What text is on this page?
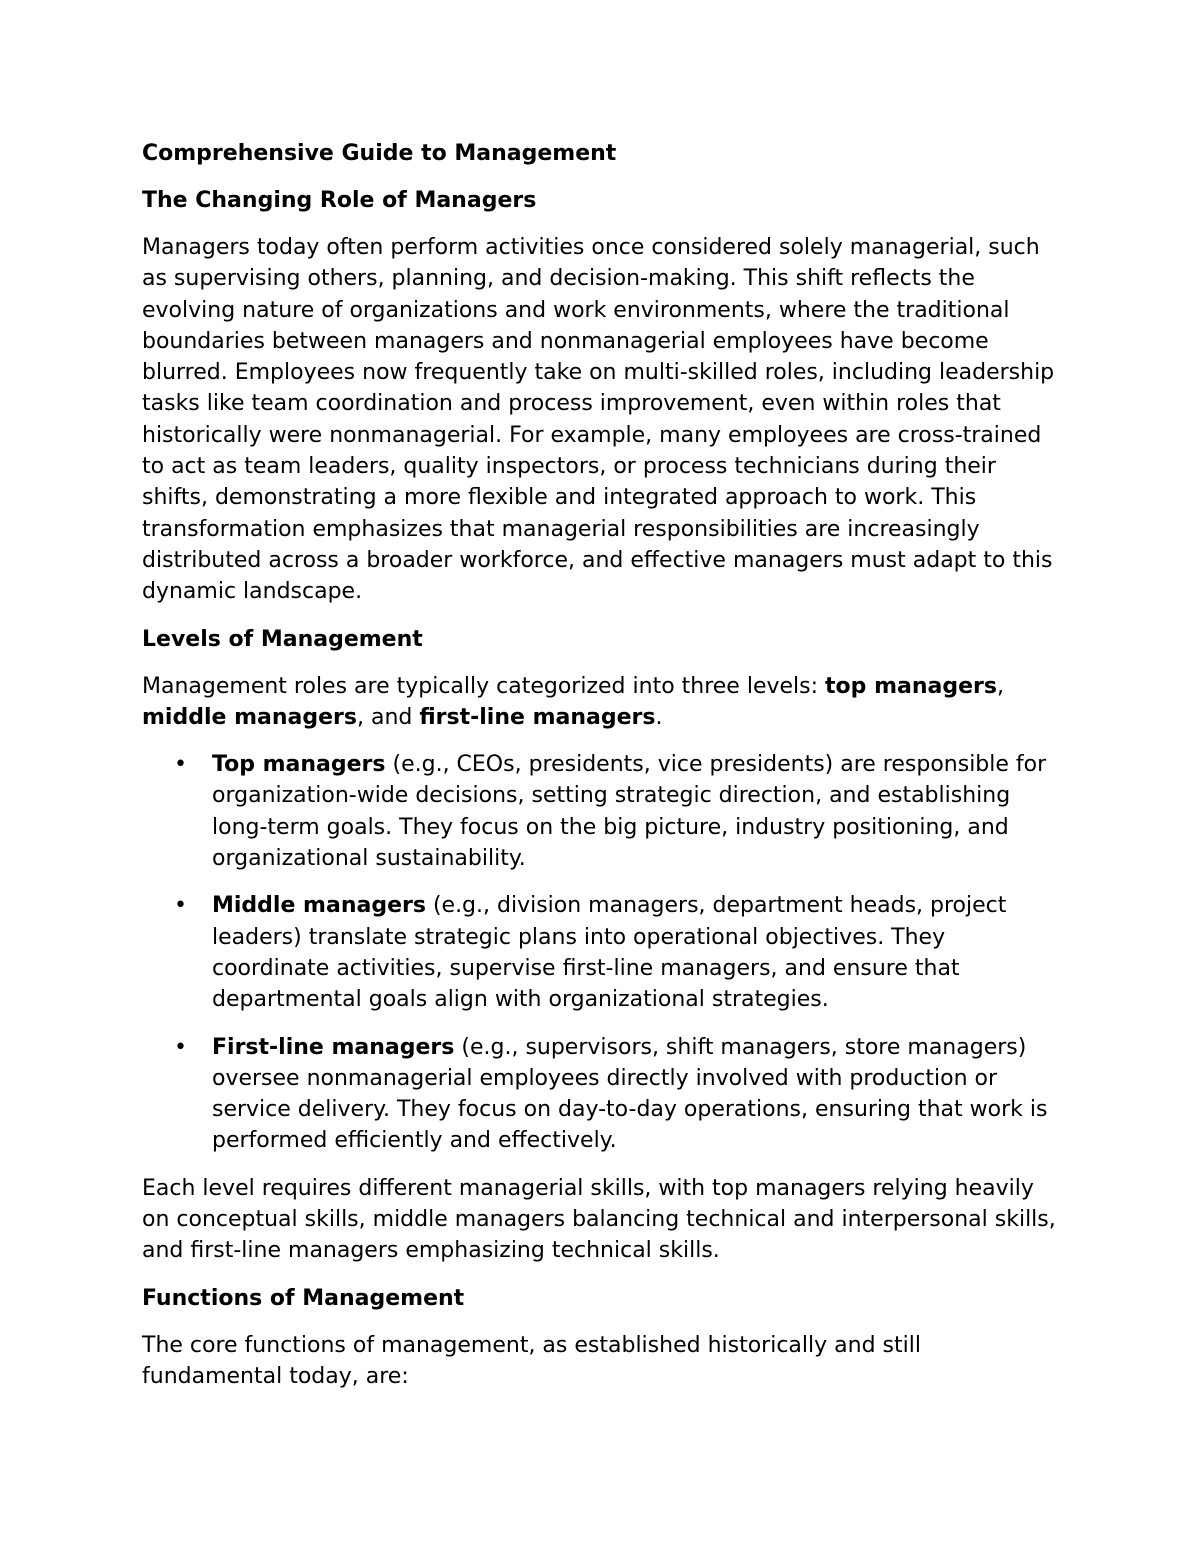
Comprehensive Guide to Management
The Changing Role of Managers

Managers today often perform activities once considered solely managerial, such as supervising others, planning, and decision-making. This shift reflects the evolving nature of organizations and work environments, where the traditional boundaries between managers and nonmanagerial employees have become blurred. Employees now frequently take on multi-skilled roles, including leadership tasks like team coordination and process improvement, even within roles that historically were nonmanagerial. For example, many employees are cross-trained to act as team leaders, quality inspectors, or process technicians during their shifts, demonstrating a more flexible and integrated approach to work. This transformation emphasizes that managerial responsibilities are increasingly distributed across a broader workforce, and effective managers must adapt to this dynamic landscape.

Levels of Management

Management roles are typically categorized into three levels: top managers, middle managers, and first-line managers.

• Top managers (e.g., CEOs, presidents, vice presidents) are responsible for organization-wide decisions, setting strategic direction, and establishing long-term goals. They focus on the big picture, industry positioning, and organizational sustainability.
• Middle managers (e.g., division managers, department heads, project leaders) translate strategic plans into operational objectives. They coordinate activities, supervise first-line managers, and ensure that departmental goals align with organizational strategies.
• First-line managers (e.g., supervisors, shift managers, store managers) oversee nonmanagerial employees directly involved with production or service delivery. They focus on day-to-day operations, ensuring that work is performed efficiently and effectively.

Each level requires different managerial skills, with top managers relying heavily on conceptual skills, middle managers balancing technical and interpersonal skills, and first-line managers emphasizing technical skills.

Functions of Management

The core functions of management, as established historically and still fundamental today, are:
